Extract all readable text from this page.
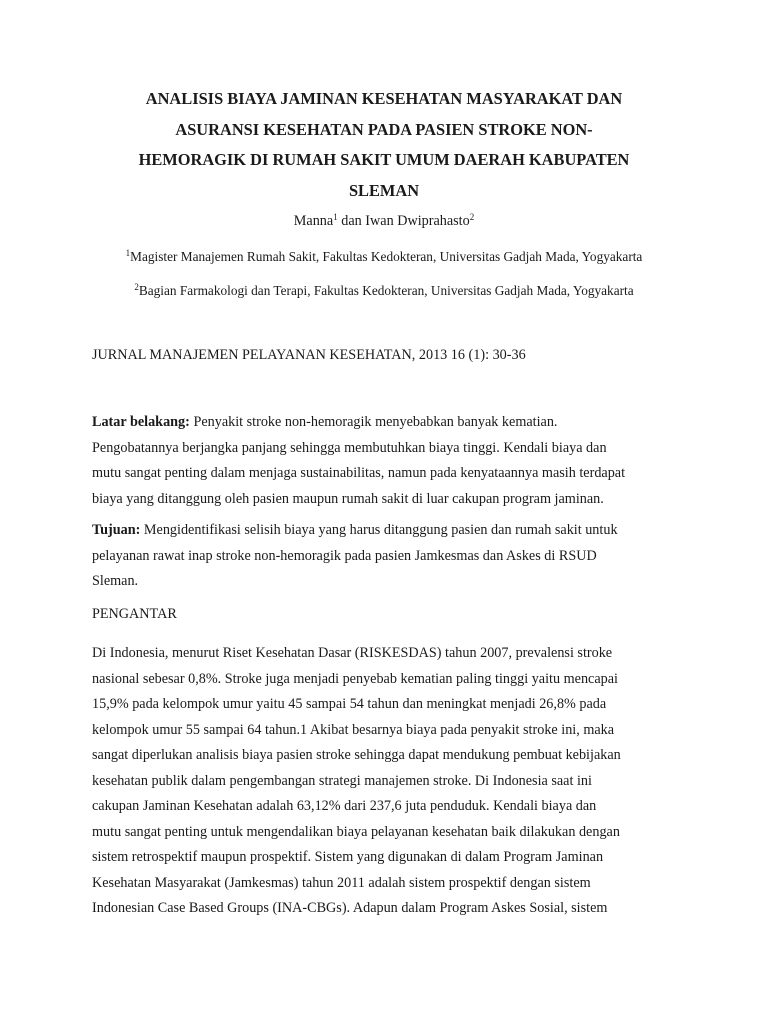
ANALISIS BIAYA JAMINAN KESEHATAN MASYARAKAT DAN
ASURANSI KESEHATAN PADA PASIEN STROKE NON-
HEMORAGIK DI RUMAH SAKIT UMUM DAERAH KABUPATEN
SLEMAN
Manna$^1$ dan Iwan Dwiprahasto$^2$
$^1$Magister Manajemen Rumah Sakit, Fakultas Kedokteran, Universitas Gadjah Mada, Yogyakarta
$^2$Bagian Farmakologi dan Terapi, Fakultas Kedokteran, Universitas Gadjah Mada, Yogyakarta
JURNAL MANAJEMEN PELAYANAN KESEHATAN, 2013 16 (1): 30-36
Latar belakang: Penyakit stroke non-hemoragik menyebabkan banyak kematian.
Pengobatannya berjangka panjang sehingga membutuhkan biaya tinggi. Kendali biaya dan
mutu sangat penting dalam menjaga sustainabilitas, namun pada kenyataannya masih terdapat
biaya yang ditanggung oleh pasien maupun rumah sakit di luar cakupan program jaminan.
Tujuan: Mengidentifikasi selisih biaya yang harus ditanggung pasien dan rumah sakit untuk
pelayanan rawat inap stroke non-hemoragik pada pasien Jamkesmas dan Askes di RSUD
Sleman.
PENGANTAR
Di Indonesia, menurut Riset Kesehatan Dasar (RISKESDAS) tahun 2007, prevalensi stroke
nasional sebesar 0,8%. Stroke juga menjadi penyebab kematian paling tinggi yaitu mencapai
15,9% pada kelompok umur yaitu 45 sampai 54 tahun dan meningkat menjadi 26,8% pada
kelompok umur 55 sampai 64 tahun.1 Akibat besarnya biaya pada penyakit stroke ini, maka
sangat diperlukan analisis biaya pasien stroke sehingga dapat mendukung pembuat kebijakan
kesehatan publik dalam pengembangan strategi manajemen stroke. Di Indonesia saat ini
cakupan Jaminan Kesehatan adalah 63,12% dari 237,6 juta penduduk. Kendali biaya dan
mutu sangat penting untuk mengendalikan biaya pelayanan kesehatan baik dilakukan dengan
sistem retrospektif maupun prospektif. Sistem yang digunakan di dalam Program Jaminan
Kesehatan Masyarakat (Jamkesmas) tahun 2011 adalah sistem prospektif dengan sistem
Indonesian Case Based Groups (INA-CBGs). Adapun dalam Program Askes Sosial, sistem
